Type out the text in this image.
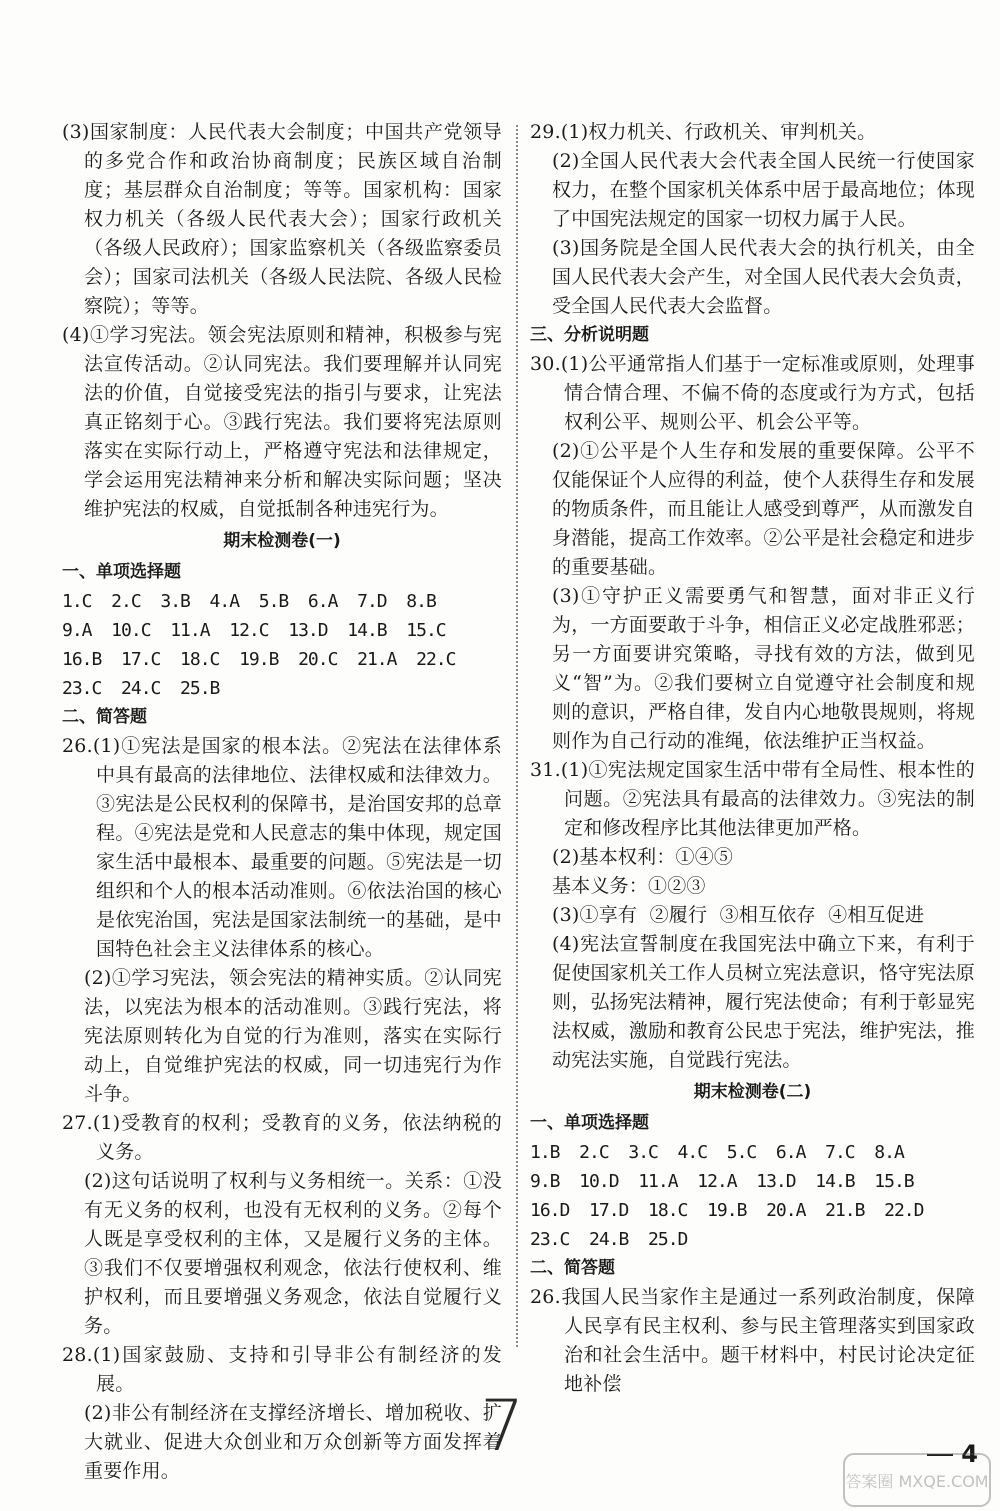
(3)国家制度：人民代表大会制度；中国共产党领导的多党合作和政治协商制度；民族区域自治制度；基层群众自治制度；等等。国家机构：国家权力机关（各级人民代表大会）；国家行政机关（各级人民政府）；国家监察机关（各级监察委员会）；国家司法机关（各级人民法院、各级人民检察院）；等等。

(4)①学习宪法。领会宪法原则和精神，积极参与宪法宣传活动。②认同宪法。我们要理解并认同宪法的价值，自觉接受宪法的指引与要求，让宪法真正铭刻于心。③践行宪法。我们要将宪法原则落实在实际行动上，严格遵守宪法和法律规定，学会运用宪法精神来分析和解决实际问题；坚决维护宪法的权威，自觉抵制各种违宪行为。

期末检测卷(一)
一、单项选择题

1.C  2.C  3.B  4.A  5.B  6.A  7.D  8.B

9.A  10.C  11.A  12.C  13.D  14.B  15.C

16.B  17.C  18.C  19.B  20.C  21.A  22.C

23.C  24.C  25.B

二、简答题

26.(1)①宪法是国家的根本法。②宪法在法律体系中具有最高的法律地位、法律权威和法律效力。③宪法是公民权利的保障书，是治国安邦的总章程。④宪法是党和人民意志的集中体现，规定国家生活中最根本、最重要的问题。⑤宪法是一切组织和个人的根本活动准则。⑥依法治国的核心是依宪治国，宪法是国家法制统一的基础，是中国特色社会主义法律体系的核心。

(2)①学习宪法，领会宪法的精神实质。②认同宪法，以宪法为根本的活动准则。③践行宪法，将宪法原则转化为自觉的行为准则，落实在实际行动上，自觉维护宪法的权威，同一切违宪行为作斗争。

27.(1)受教育的权利；受教育的义务，依法纳税的义务。

(2)这句话说明了权利与义务相统一。关系：①没有无义务的权利，也没有无权利的义务。②每个人既是享受权利的主体，又是履行义务的主体。③我们不仅要增强权利观念，依法行使权利、维护权利，而且要增强义务观念，依法自觉履行义务。

28.(1)国家鼓励、支持和引导非公有制经济的发展。

(2)非公有制经济在支撑经济增长、增加税收、扩大就业、促进大众创业和万众创新等方面发挥着重要作用。

29.(1)权力机关、行政机关、审判机关。

(2)全国人民代表大会代表全国人民统一行使国家权力，在整个国家机关体系中居于最高地位；体现了中国宪法规定的国家一切权力属于人民。

(3)国务院是全国人民代表大会的执行机关，由全国人民代表大会产生，对全国人民代表大会负责，受全国人民代表大会监督。

三、分析说明题

30.(1)公平通常指人们基于一定标准或原则，处理事情合情合理、不偏不倚的态度或行为方式，包括权利公平、规则公平、机会公平等。

(2)①公平是个人生存和发展的重要保障。公平不仅能保证个人应得的利益，使个人获得生存和发展的物质条件，而且能让人感受到尊严，从而激发自身潜能，提高工作效率。②公平是社会稳定和进步的重要基础。

(3)①守护正义需要勇气和智慧，面对非正义行为，一方面要敢于斗争，相信正义必定战胜邪恶；另一方面要讲究策略，寻找有效的方法，做到见义“智”为。②我们要树立自觉遵守社会制度和规则的意识，严格自律，发自内心地敬畏规则，将规则作为自己行动的准绳，依法维护正当权益。

31.(1)①宪法规定国家生活中带有全局性、根本性的问题。②宪法具有最高的法律效力。③宪法的制定和修改程序比其他法律更加严格。

(2)基本权利：①④⑤

基本义务：①②③

(3)①享有  ②履行  ③相互依存  ④相互促进

(4)宪法宣誓制度在我国宪法中确立下来，有利于促使国家机关工作人员树立宪法意识，恪守宪法原则，弘扬宪法精神，履行宪法使命；有利于彰显宪法权威，激励和教育公民忠于宪法，维护宪法，推动宪法实施，自觉践行宪法。

期末检测卷(二)
一、单项选择题

1.B  2.C  3.C  4.C  5.C  6.A  7.C  8.A

9.B  10.D  11.A  12.A  13.D  14.B  15.B

16.D  17.D  18.C  19.B  20.A  21.B  22.D

23.C  24.B  25.D

二、简答题

26.我国人民当家作主是通过一系列政治制度，保障人民享有民主权利、参与民主管理落实到国家政治和社会生活中。题干材料中，村民讨论决定征地补偿

7	4
答案圈 MXQE.COM
